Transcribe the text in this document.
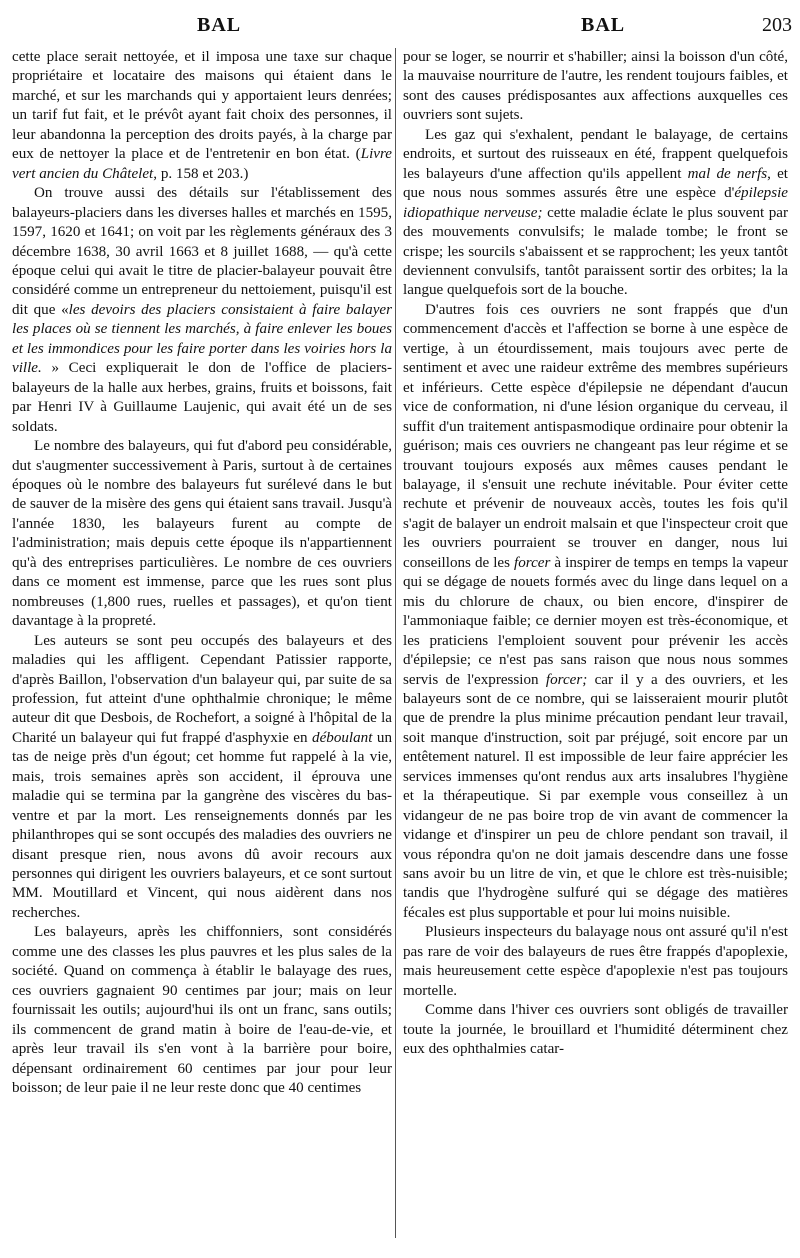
BAL	BAL	203

cette place serait nettoyée, et il imposa une taxe sur chaque propriétaire et locataire des maisons qui étaient dans le marché, et sur les marchands qui y apportaient leurs denrées; un tarif fut fait, et le prévôt ayant fait choix des personnes, il leur abandonna la perception des droits payés, à la charge par eux de nettoyer la place et de l'entretenir en bon état. (Livre vert ancien du Châtelet, p. 158 et 203.)

On trouve aussi des détails sur l'établissement des balayeurs-placiers dans les diverses halles et marchés en 1595, 1597, 1620 et 1641; on voit par les règlements généraux des 3 décembre 1638, 30 avril 1663 et 8 juillet 1688, — qu'à cette époque celui qui avait le titre de placier-balayeur pouvait être considéré comme un entrepreneur du nettoiement, puisqu'il est dit que «les devoirs des placiers consistaient à faire balayer les places où se tiennent les marchés, à faire enlever les boues et les immondices pour les faire porter dans les voiries hors la ville. » Ceci expliquerait le don de l'office de placiers-balayeurs de la halle aux herbes, grains, fruits et boissons, fait par Henri IV à Guillaume Laujenic, qui avait été un de ses soldats.

Le nombre des balayeurs, qui fut d'abord peu considérable, dut s'augmenter successivement à Paris, surtout à de certaines époques où le nombre des balayeurs fut surélevé dans le but de sauver de la misère des gens qui étaient sans travail. Jusqu'à l'année 1830, les balayeurs furent au compte de l'administration; mais depuis cette époque ils n'appartiennent qu'à des entreprises particulières. Le nombre de ces ouvriers dans ce moment est immense, parce que les rues sont plus nombreuses (1,800 rues, ruelles et passages), et qu'on tient davantage à la propreté.

Les auteurs se sont peu occupés des balayeurs et des maladies qui les affligent. Cependant Patissier rapporte, d'après Baillon, l'observation d'un balayeur qui, par suite de sa profession, fut atteint d'une ophthalmie chronique; le même auteur dit que Desbois, de Rochefort, a soigné à l'hôpital de la Charité un balayeur qui fut frappé d'asphyxie en déboulant un tas de neige près d'un égout; cet homme fut rappelé à la vie, mais, trois semaines après son accident, il éprouva une maladie qui se termina par la gangrène des viscères du bas-ventre et par la mort. Les renseignements donnés par les philanthropes qui se sont occupés des maladies des ouvriers ne disant presque rien, nous avons dû avoir recours aux personnes qui dirigent les ouvriers balayeurs, et ce sont surtout MM. Moutillard et Vincent, qui nous aidèrent dans nos recherches.

Les balayeurs, après les chiffonniers, sont considérés comme une des classes les plus pauvres et les plus sales de la société. Quand on commença à établir le balayage des rues, ces ouvriers gagnaient 90 centimes par jour; mais on leur fournissait les outils; aujourd'hui ils ont un franc, sans outils; ils commencent de grand matin à boire de l'eau-de-vie, et après leur travail ils s'en vont à la barrière pour boire, dépensant ordinairement 60 centimes par jour pour leur boisson; de leur paie il ne leur reste donc que 40 centimes

pour se loger, se nourrir et s'habiller; ainsi la boisson d'un côté, la mauvaise nourriture de l'autre, les rendent toujours faibles, et sont des causes prédisposantes aux affections auxquelles ces ouvriers sont sujets.

Les gaz qui s'exhalent, pendant le balayage, de certains endroits, et surtout des ruisseaux en été, frappent quelquefois les balayeurs d'une affection qu'ils appellent mal de nerfs, et que nous nous sommes assurés être une espèce d'épilepsie idiopathique nerveuse; cette maladie éclate le plus souvent par des mouvements convulsifs; le malade tombe; le front se crispe; les sourcils s'abaissent et se rapprochent; les yeux tantôt deviennent convulsifs, tantôt paraissent sortir des orbites; la la langue quelquefois sort de la bouche.

D'autres fois ces ouvriers ne sont frappés que d'un commencement d'accès et l'affection se borne à une espèce de vertige, à un étourdissement, mais toujours avec perte de sentiment et avec une raideur extrême des membres supérieurs et inférieurs. Cette espèce d'épilepsie ne dépendant d'aucun vice de conformation, ni d'une lésion organique du cerveau, il suffit d'un traitement antispasmodique ordinaire pour obtenir la guérison; mais ces ouvriers ne changeant pas leur régime et se trouvant toujours exposés aux mêmes causes pendant le balayage, il s'ensuit une rechute inévitable. Pour éviter cette rechute et prévenir de nouveaux accès, toutes les fois qu'il s'agit de balayer un endroit malsain et que l'inspecteur croit que les ouvriers pourraient se trouver en danger, nous lui conseillons de les forcer à inspirer de temps en temps la vapeur qui se dégage de nouets formés avec du linge dans lequel on a mis du chlorure de chaux, ou bien encore, d'inspirer de l'ammoniaque faible; ce dernier moyen est très-économique, et les praticiens l'emploient souvent pour prévenir les accès d'épilepsie; ce n'est pas sans raison que nous nous sommes servis de l'expression forcer; car il y a des ouvriers, et les balayeurs sont de ce nombre, qui se laisseraient mourir plutôt que de prendre la plus minime précaution pendant leur travail, soit manque d'instruction, soit par préjugé, soit encore par un entêtement naturel. Il est impossible de leur faire apprécier les services immenses qu'ont rendus aux arts insalubres l'hygiène et la thérapeutique. Si par exemple vous conseillez à un vidangeur de ne pas boire trop de vin avant de commencer la vidange et d'inspirer un peu de chlore pendant son travail, il vous répondra qu'on ne doit jamais descendre dans une fosse sans avoir bu un litre de vin, et que le chlore est très-nuisible; tandis que l'hydrogène sulfuré qui se dégage des matières fécales est plus supportable et pour lui moins nuisible.

Plusieurs inspecteurs du balayage nous ont assuré qu'il n'est pas rare de voir des balayeurs de rues être frappés d'apoplexie, mais heureusement cette espèce d'apoplexie n'est pas toujours mortelle.

Comme dans l'hiver ces ouvriers sont obligés de travailler toute la journée, le brouillard et l'humidité déterminent chez eux des ophthalmies catar-
